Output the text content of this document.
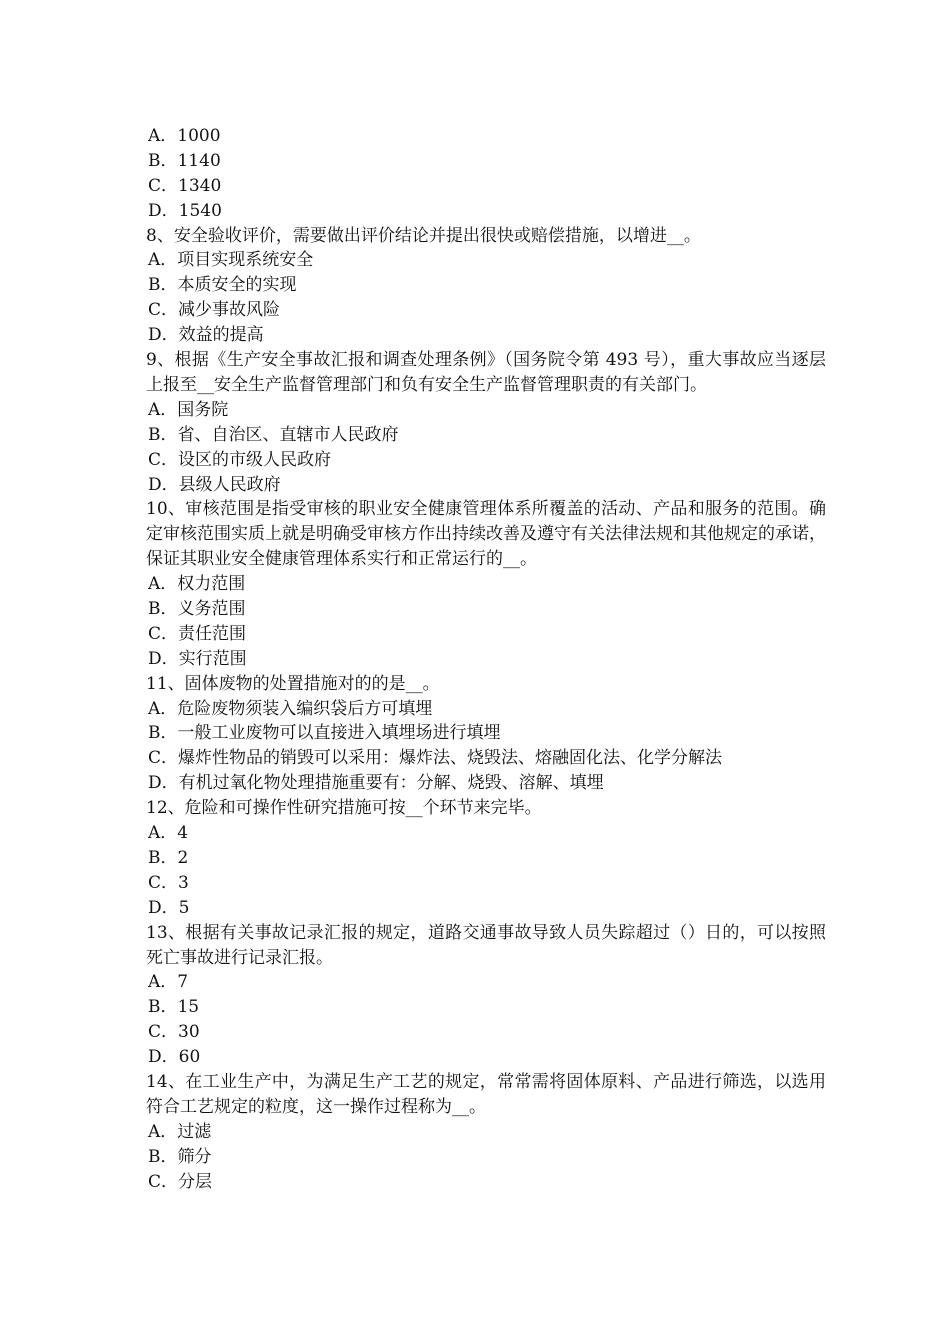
A．1000
B．1140
C．1340
D．1540
8、安全验收评价，需要做出评价结论并提出很快或赔偿措施，以增进__。
A．项目实现系统安全
B．本质安全的实现
C．减少事故风险
D．效益的提高
9、根据《生产安全事故汇报和调查处理条例》（国务院令第 493 号），重大事故应当逐层上报至__安全生产监督管理部门和负有安全生产监督管理职责的有关部门。
A．国务院
B．省、自治区、直辖市人民政府
C．设区的市级人民政府
D．县级人民政府
10、审核范围是指受审核的职业安全健康管理体系所覆盖的活动、产品和服务的范围。确定审核范围实质上就是明确受审核方作出持续改善及遵守有关法律法规和其他规定的承诺，保证其职业安全健康管理体系实行和正常运行的__。
A．权力范围
B．义务范围
C．责任范围
D．实行范围
11、固体废物的处置措施对的的是__。
A．危险废物须装入编织袋后方可填埋
B．一般工业废物可以直接进入填埋场进行填埋
C．爆炸性物品的销毁可以采用：爆炸法、烧毁法、熔融固化法、化学分解法
D．有机过氧化物处理措施重要有：分解、烧毁、溶解、填埋
12、危险和可操作性研究措施可按__个环节来完毕。
A．4
B．2
C．3
D．5
13、根据有关事故记录汇报的规定，道路交通事故导致人员失踪超过（）日的，可以按照死亡事故进行记录汇报。
A．7
B．15
C．30
D．60
14、在工业生产中，为满足生产工艺的规定，常常需将固体原料、产品进行筛选，以选用符合工艺规定的粒度，这一操作过程称为__。
A．过滤
B．筛分
C．分层
